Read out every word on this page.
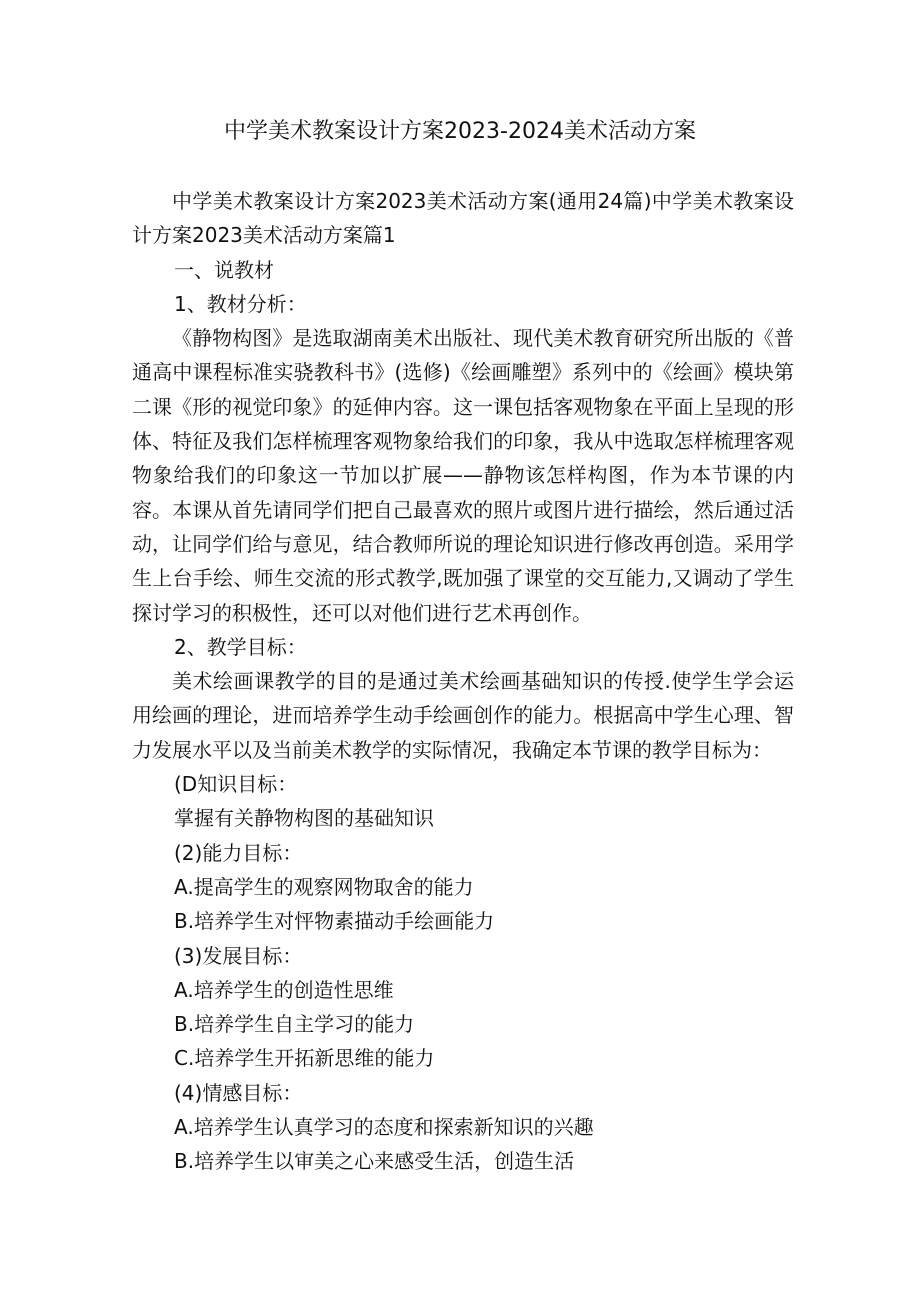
中学美术教案设计方案2023-2024美术活动方案

中学美术教案设计方案2023美术活动方案(通用24篇)中学美术教案设计方案2023美术活动方案篇1

一、说教材

1、教材分析：

《静物构图》是选取湖南美术出版社、现代美术教育研究所出版的《普通高中课程标准实骁教科书》(选修)《绘画雕塑》系列中的《绘画》模块第二课《形的视觉印象》的延伸内容。这一课包括客观物象在平面上呈现的形体、特征及我们怎样梳理客观物象给我们的印象，我从中选取怎样梳理客观物象给我们的印象这一节加以扩展——静物该怎样构图，作为本节课的内容。本课从首先请同学们把自己最喜欢的照片或图片进行描绘，然后通过活动，让同学们给与意见，结合教师所说的理论知识进行修改再创造。采用学生上台手绘、师生交流的形式教学,既加强了课堂的交互能力,又调动了学生探讨学习的积极性，还可以对他们进行艺术再创作。

2、教学目标：

美术绘画课教学的目的是通过美术绘画基础知识的传授.使学生学会运用绘画的理论，进而培养学生动手绘画创作的能力。根据高中学生心理、智力发展水平以及当前美术教学的实际情况，我确定本节课的教学目标为：

(D知识目标：

掌握有关静物构图的基础知识

(2)能力目标：

A.提高学生的观察网物取舍的能力

B.培养学生对怦物素描动手绘画能力

(3)发展目标：

A.培养学生的创造性思维

B.培养学生自主学习的能力

C.培养学生开拓新思维的能力

(4)情感目标：

A.培养学生认真学习的态度和探索新知识的兴趣

B.培养学生以审美之心来感受生活，创造生活
